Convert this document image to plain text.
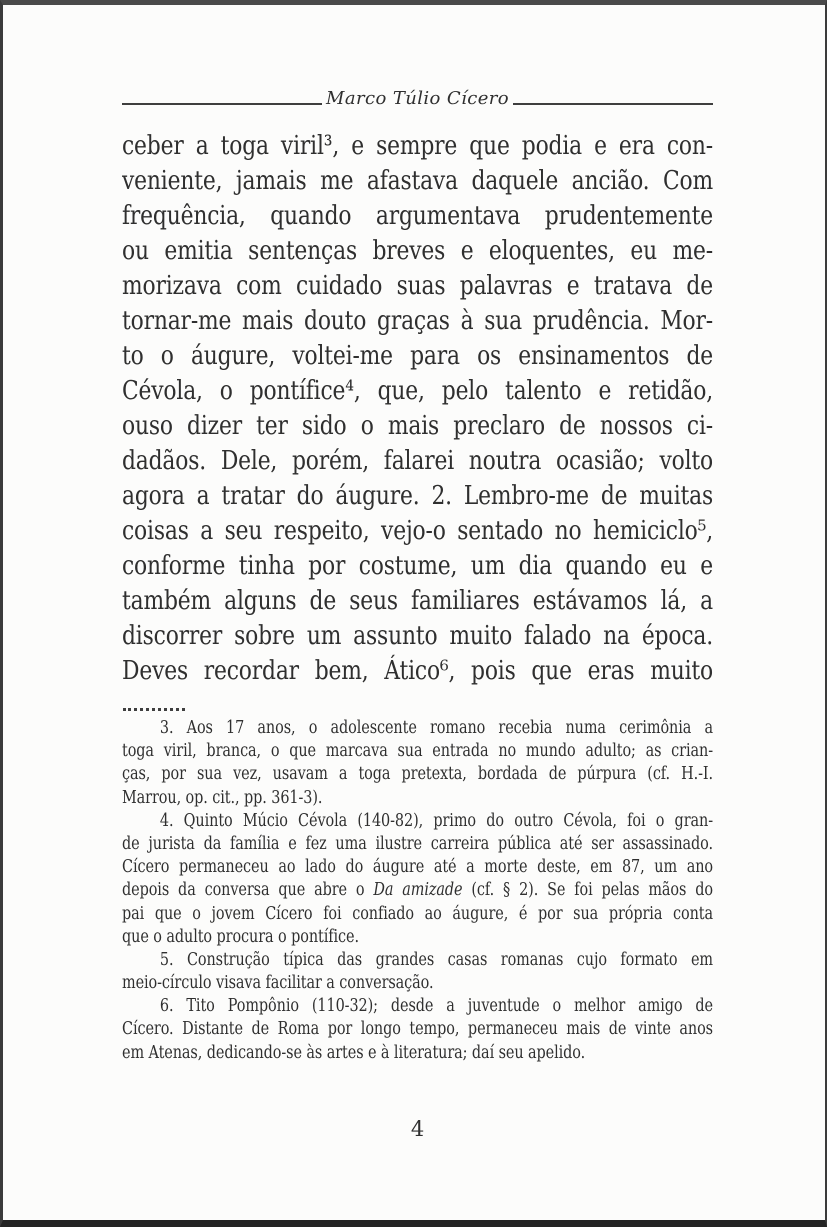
Marco Túlio Cícero
ceber a toga viril³, e sempre que podia e era con-
veniente, jamais me afastava daquele ancião. Com
frequência, quando argumentava prudentemente
ou emitia sentenças breves e eloquentes, eu me-
morizava com cuidado suas palavras e tratava de
tornar-me mais douto graças à sua prudência. Mor-
to o áugure, voltei-me para os ensinamentos de
Cévola, o pontífice⁴, que, pelo talento e retidão,
ouso dizer ter sido o mais preclaro de nossos ci-
dadãos. Dele, porém, falarei noutra ocasião; volto
agora a tratar do áugure. 2. Lembro-me de muitas
coisas a seu respeito, vejo-o sentado no hemiciclo⁵,
conforme tinha por costume, um dia quando eu e
também alguns de seus familiares estávamos lá, a
discorrer sobre um assunto muito falado na época.
Deves recordar bem, Ático⁶, pois que eras muito
3. Aos 17 anos, o adolescente romano recebia numa cerimônia a
toga viril, branca, o que marcava sua entrada no mundo adulto; as crian-
ças, por sua vez, usavam a toga pretexta, bordada de púrpura (cf. H.-I.
Marrou, op. cit., pp. 361-3).
4. Quinto Múcio Cévola (140-82), primo do outro Cévola, foi o gran-
de jurista da família e fez uma ilustre carreira pública até ser assassinado.
Cícero permaneceu ao lado do áugure até a morte deste, em 87, um ano
depois da conversa que abre o Da amizade (cf. § 2). Se foi pelas mãos do
pai que o jovem Cícero foi confiado ao áugure, é por sua própria conta
que o adulto procura o pontífice.
5. Construção típica das grandes casas romanas cujo formato em
meio-círculo visava facilitar a conversação.
6. Tito Pompônio (110-32); desde a juventude o melhor amigo de
Cícero. Distante de Roma por longo tempo, permaneceu mais de vinte anos
em Atenas, dedicando-se às artes e à literatura; daí seu apelido.
4
